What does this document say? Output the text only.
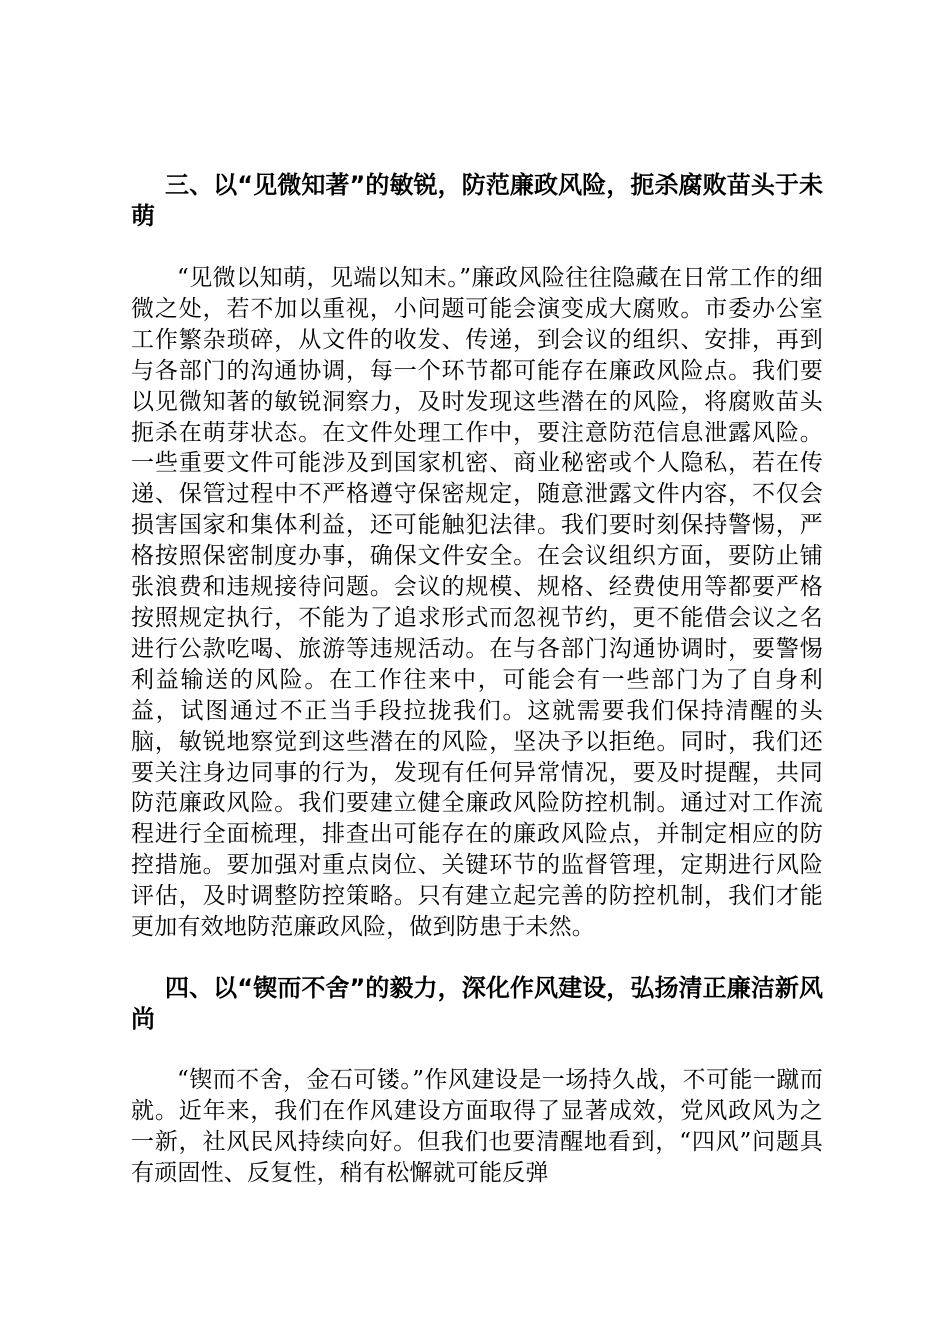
三、以“见微知著”的敏锐，防范廉政风险，扼杀腐败苗头于未萌

“见微以知萌，见端以知末。”廉政风险往往隐藏在日常工作的细微之处，若不加以重视，小问题可能会演变成大腐败。市委办公室工作繁杂琐碎，从文件的收发、传递，到会议的组织、安排，再到与各部门的沟通协调，每一个环节都可能存在廉政风险点。我们要以见微知著的敏锐洞察力，及时发现这些潜在的风险，将腐败苗头扼杀在萌芽状态。在文件处理工作中，要注意防范信息泄露风险。一些重要文件可能涉及到国家机密、商业秘密或个人隐私，若在传递、保管过程中不严格遵守保密规定，随意泄露文件内容，不仅会损害国家和集体利益，还可能触犯法律。我们要时刻保持警惕，严格按照保密制度办事，确保文件安全。在会议组织方面，要防止铺张浪费和违规接待问题。会议的规模、规格、经费使用等都要严格按照规定执行，不能为了追求形式而忽视节约，更不能借会议之名进行公款吃喝、旅游等违规活动。在与各部门沟通协调时，要警惕利益输送的风险。在工作往来中，可能会有一些部门为了自身利益，试图通过不正当手段拉拢我们。这就需要我们保持清醒的头脑，敏锐地察觉到这些潜在的风险，坚决予以拒绝。同时，我们还要关注身边同事的行为，发现有任何异常情况，要及时提醒，共同防范廉政风险。我们要建立健全廉政风险防控机制。通过对工作流程进行全面梳理，排查出可能存在的廉政风险点，并制定相应的防控措施。要加强对重点岗位、关键环节的监督管理，定期进行风险评估，及时调整防控策略。只有建立起完善的防控机制，我们才能更加有效地防范廉政风险，做到防患于未然。

四、以“锲而不舍”的毅力，深化作风建设，弘扬清正廉洁新风尚

“锲而不舍，金石可镂。”作风建设是一场持久战，不可能一蹴而就。近年来，我们在作风建设方面取得了显著成效，党风政风为之一新，社风民风持续向好。但我们也要清醒地看到，“四风”问题具有顽固性、反复性，稍有松懈就可能反弹
